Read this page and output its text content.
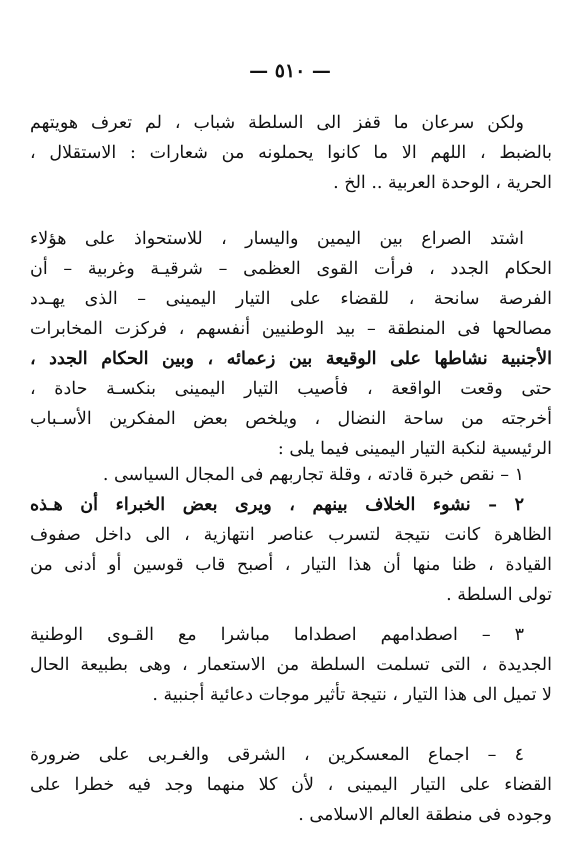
— ٥١٠ —
ولكن سرعان ما قفز الى السلطة شباب ، لم تعرف هويتهم
بالضبط ، اللهم الا ما كانوا يحملونه من شعارات : الاستقلال ،
الحرية ، الوحدة العربية .. الخ .
اشتد الصراع بين اليمين واليسار ، للاستحواذ على هؤلاء
الحكام الجدد ، فرأت القوى العظمى – شرقيـة وغربية – أن
الفرصة سانحة ، للقضاء على التيار اليمينى – الذى يهـدد
مصالحها فى المنطقة – بيد الوطنيين أنفسهم ، فركزت المخابرات
الأجنبية نشاطها على الوقيعة بين زعمائه ، وبين الحكام الجدد ،
حتى وقعت الواقعة ، فأصيب التيار اليمينى بنكسـة حادة ،
أخرجته من ساحة النضال ، ويلخص بعض المفكرين الأسـباب
الرئيسية لنكبة التيار اليمينى فيما يلى :
١ – نقص خبرة قادته ، وقلة تجاربهم فى المجال السياسى .
٢ – نشوء الخلاف بينهم ، ويرى بعض الخبراء أن هـذه
الظاهرة كانت نتيجة لتسرب عناصر انتهازية ، الى داخل صفوف
القيادة ، ظنا منها أن هذا التيار ، أصبح قاب قوسين أو أدنى من
تولى السلطة .
٣ – اصطدامهم اصطداما مباشرا مع القـوى الوطنية
الجديدة ، التى تسلمت السلطة من الاستعمار ، وهى بطبيعة الحال
لا تميل الى هذا التيار ، نتيجة تأثير موجات دعائية أجنبية .
٤ – اجماع المعسكرين ، الشرقى والغـربى على ضرورة
القضاء على التيار اليمينى ، لأن كلا منهما وجد فيه خطرا على
وجوده فى منطقة العالم الاسلامى .
